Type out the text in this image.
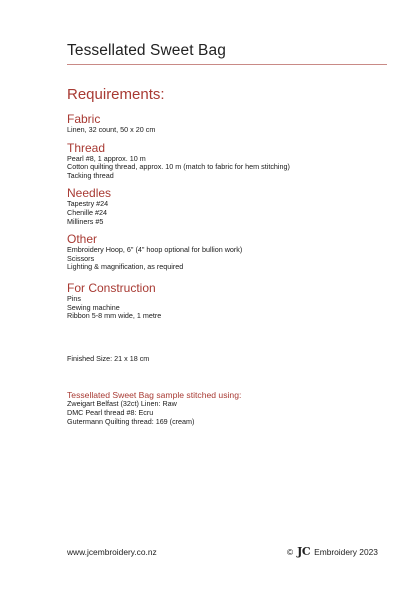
Tessellated Sweet Bag
Requirements:
Fabric
Linen, 32 count, 50 x 20 cm
Thread
Pearl #8, 1 approx. 10 m
Cotton quilting thread, approx. 10 m (match to fabric for hem stitching)
Tacking thread
Needles
Tapestry #24
Chenille #24
Milliners #5
Other
Embroidery Hoop, 6" (4" hoop optional for bullion work)
Scissors
Lighting & magnification, as required
For Construction
Pins
Sewing machine
Ribbon 5-8 mm wide, 1 metre
Finished Size: 21 x 18 cm
Tessellated Sweet Bag sample stitched using:
Zweigart Belfast (32ct) Linen: Raw
DMC Pearl thread #8: Ecru
Gutermann Quilting thread: 169 (cream)
www.jcembroidery.co.nz	© JC Embroidery 2023
